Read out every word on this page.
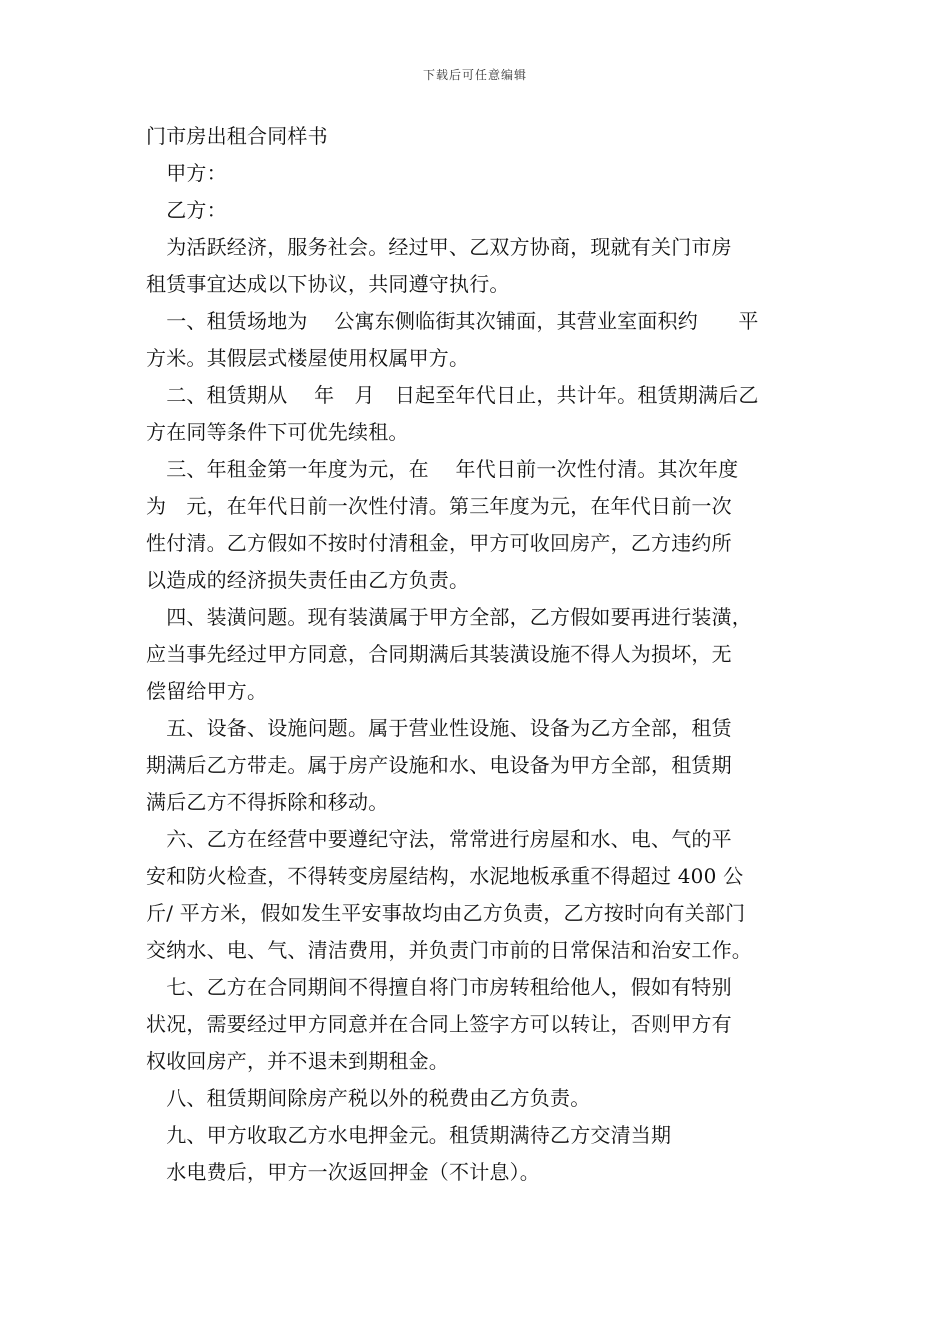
下载后可任意编辑
门市房出租合同样书
　甲方：
　乙方：
　为活跃经济，服务社会。经过甲、乙双方协商，现就有关门市房
租赁事宜达成以下协议，共同遵守执行。
　一、租赁场地为　 公寓东侧临街其次铺面，其营业室面积约　　平
方米。其假层式楼屋使用权属甲方。
　二、租赁期从　 年　月　日起至年代日止，共计年。租赁期满后乙
方在同等条件下可优先续租。
　三、年租金第一年度为元，在　 年代日前一次性付清。其次年度
为　元，在年代日前一次性付清。第三年度为元，在年代日前一次
性付清。乙方假如不按时付清租金，甲方可收回房产，乙方违约所
以造成的经济损失责任由乙方负责。
　四、装潢问题。现有装潢属于甲方全部，乙方假如要再进行装潢，
应当事先经过甲方同意，合同期满后其装潢设施不得人为损坏，无
偿留给甲方。
　五、设备、设施问题。属于营业性设施、设备为乙方全部，租赁
期满后乙方带走。属于房产设施和水、电设备为甲方全部，租赁期
满后乙方不得拆除和移动。
　六、乙方在经营中要遵纪守法，常常进行房屋和水、电、气的平
安和防火检查，不得转变房屋结构，水泥地板承重不得超过 400 公
斤/ 平方米，假如发生平安事故均由乙方负责，乙方按时向有关部门
交纳水、电、气、清洁费用，并负责门市前的日常保洁和治安工作。
　七、乙方在合同期间不得擅自将门市房转租给他人，假如有特别
状况，需要经过甲方同意并在合同上签字方可以转让，否则甲方有
权收回房产，并不退未到期租金。
　八、租赁期间除房产税以外的税费由乙方负责。
　九、甲方收取乙方水电押金元。租赁期满待乙方交清当期
　水电费后，甲方一次返回押金（不计息）。
